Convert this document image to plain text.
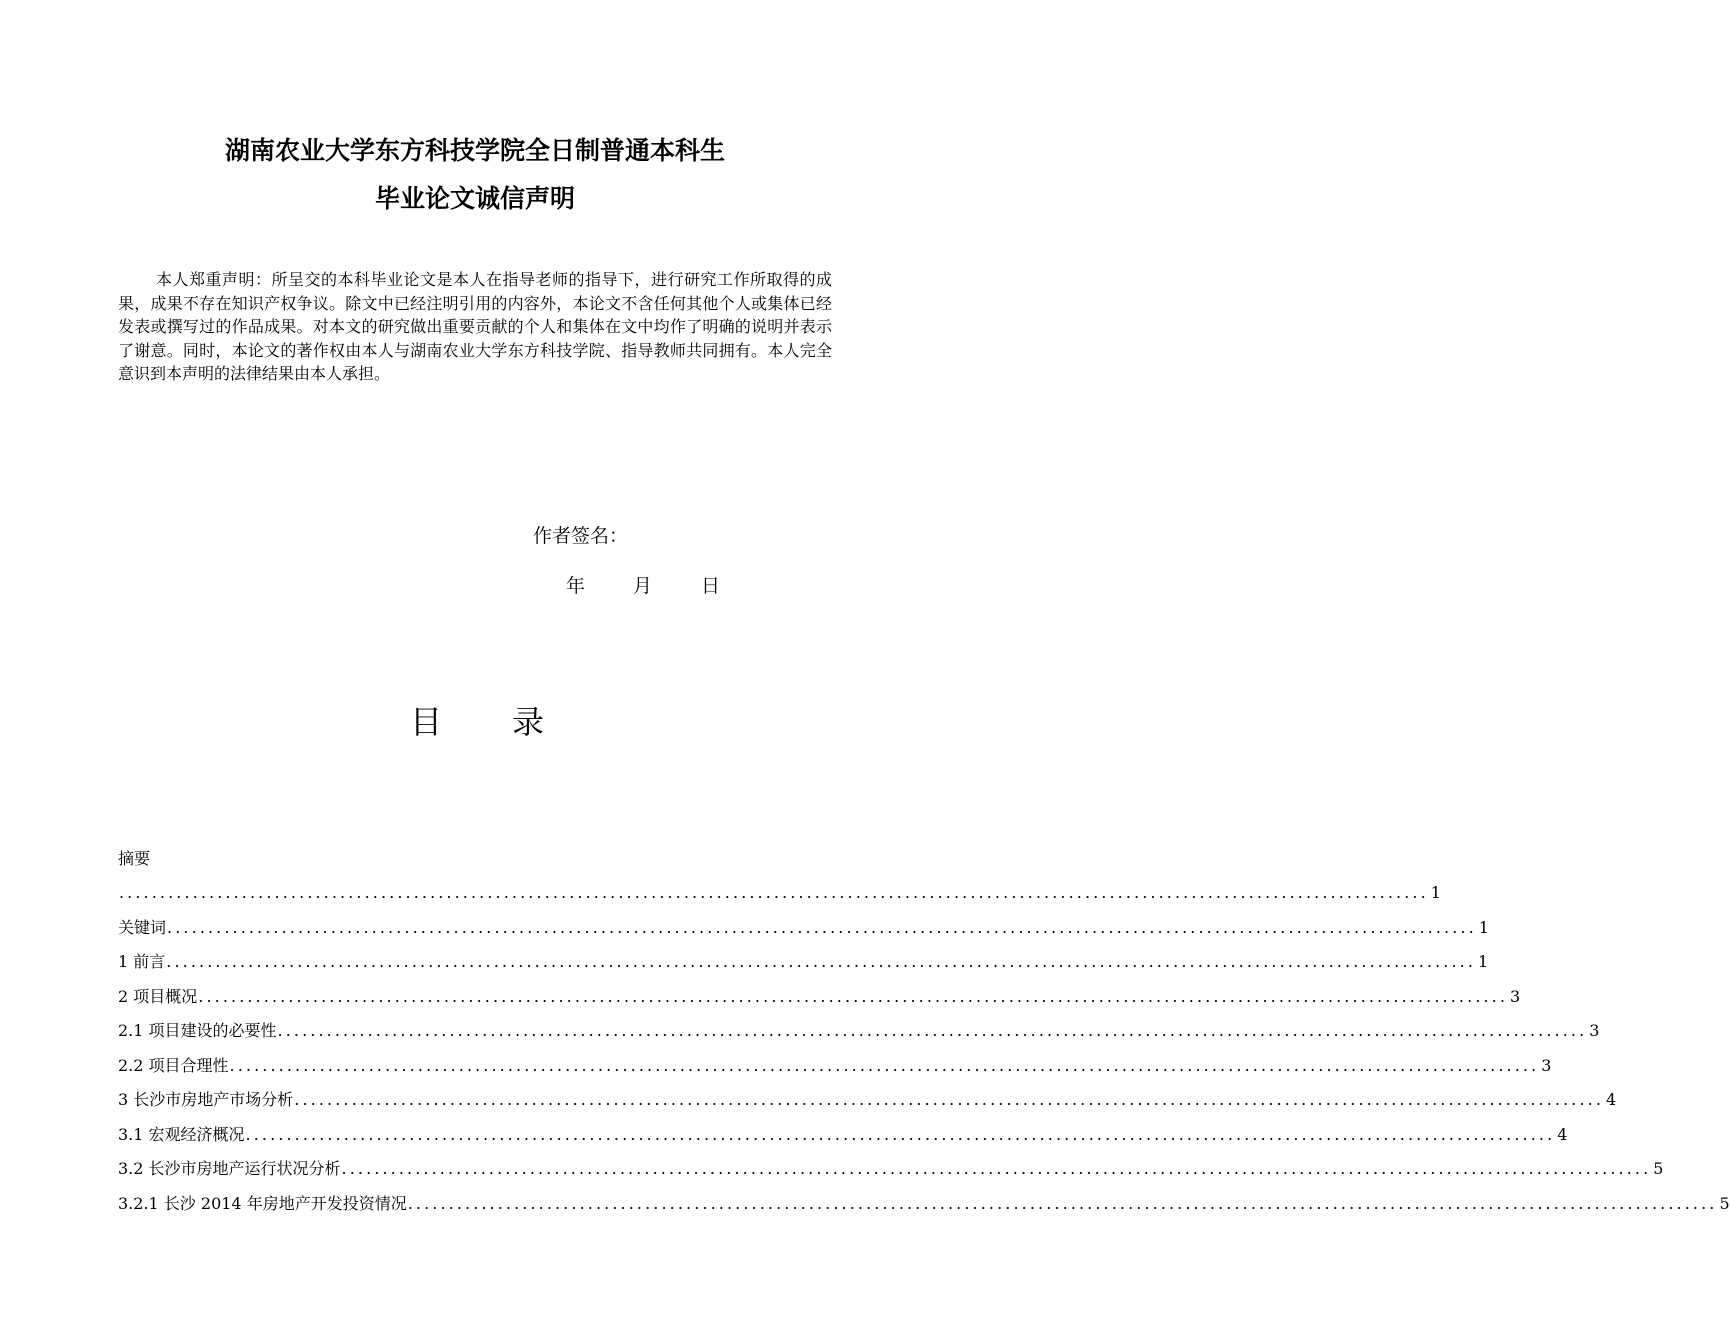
湖南农业大学东方科技学院全日制普通本科生
毕业论文诚信声明

本人郑重声明：所呈交的本科毕业论文是本人在指导老师的指导下，进行研究工作所取得的成果，成果不存在知识产权争议。除文中已经注明引用的内容外，本论文不含任何其他个人或集体已经发表或撰写过的作品成果。对本文的研究做出重要贡献的个人和集体在文中均作了明确的说明并表示了谢意。同时，本论文的著作权由本人与湖南农业大学东方科技学院、指导教师共同拥有。本人完全意识到本声明的法律结果由本人承担。

作者签名：

年	月	日
目 录
摘要
................................................................................................................................................................ 1
关键词 ................................................................................................................................................................ 1
1 前言 ................................................................................................................................................................ 1
2 项目概况 ................................................................................................................................................................ 3
2.1 项目建设的必要性 ................................................................................................................................................................ 3
2.2 项目合理性 ................................................................................................................................................................ 3
3 长沙市房地产市场分析 ................................................................................................................................................................ 4
3.1 宏观经济概况 ................................................................................................................................................................ 4
3.2 长沙市房地产运行状况分析 ................................................................................................................................................................ 5
3.2.1 长沙 2014 年房地产开发投资情况 ................................................................................................................................................................ 5
